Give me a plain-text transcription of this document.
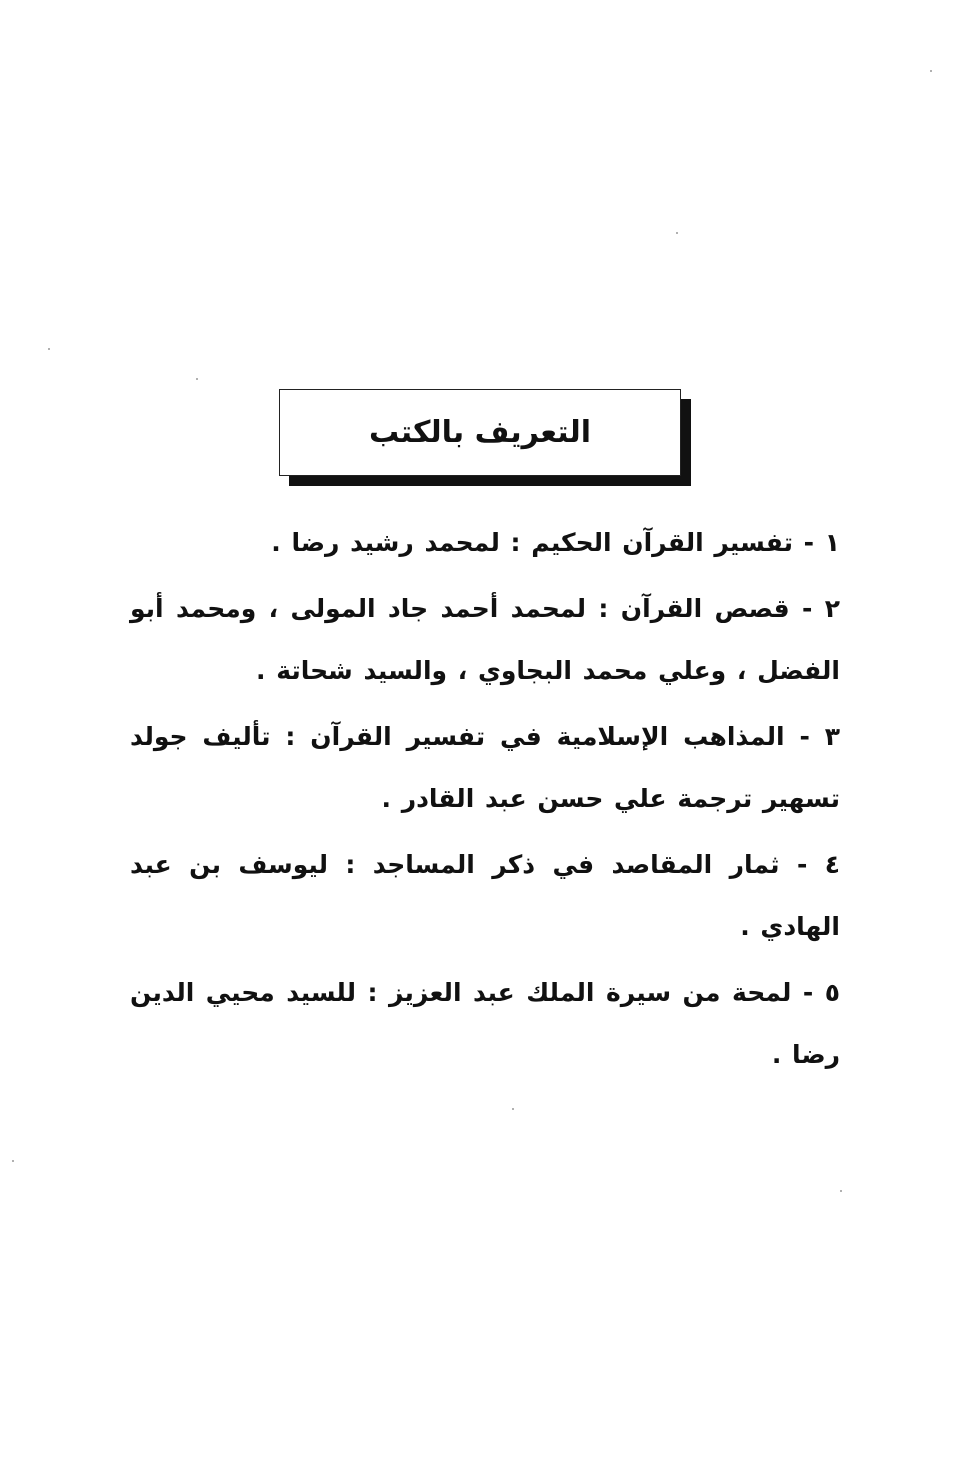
التعريف بالكتب

١ - تفسير القرآن الحكيم : لمحمد رشيد رضا .

٢ - قصص القرآن : لمحمد أحمد جاد المولى ، ومحمد أبو الفضل ، وعلي محمد البجاوي ، والسيد شحاتة .

٣ - المذاهب الإسلامية في تفسير القرآن : تأليف جولد تسهير ترجمة علي حسن عبد القادر .

٤ - ثمار المقاصد في ذكر المساجد : ليوسف بن عبد الهادي .

٥ - لمحة من سيرة الملك عبد العزيز : للسيد محيي الدين رضا .
